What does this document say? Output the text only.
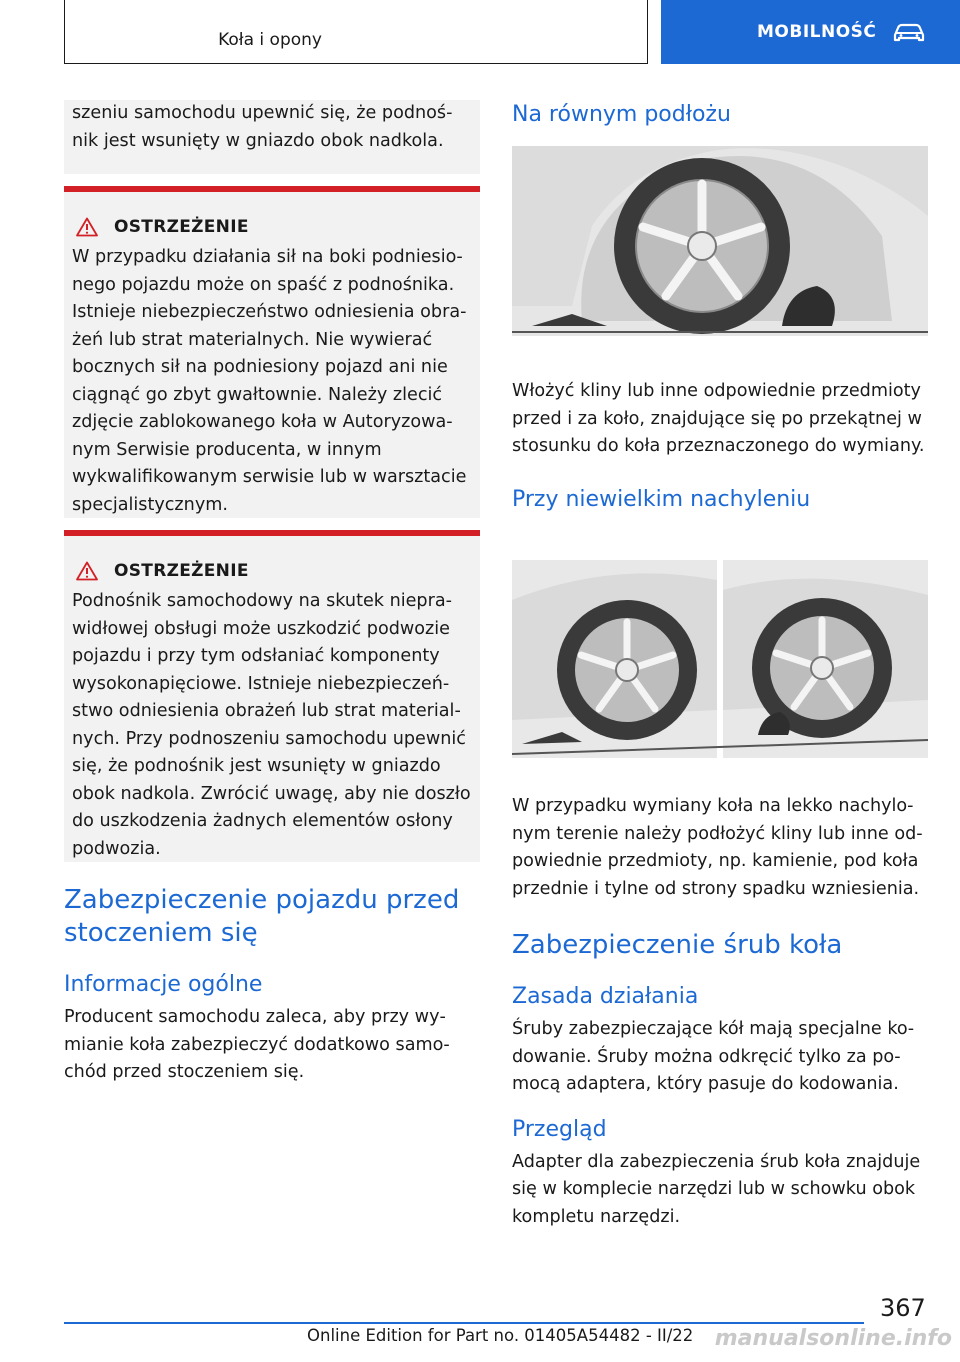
Koła i opony	MOBILNOŚĆ

szeniu samochodu upewnić się, że podnośnik jest wsunięty w gniazdo obok nadkola.

OSTRZEŻENIE

W przypadku działania sił na boki podniesionego pojazdu może on spaść z podnośnika. Istnieje niebezpieczeństwo odniesienia obrażeń lub strat materialnych. Nie wywierać bocznych sił na podniesiony pojazd ani nie ciągnąć go zbyt gwałtownie. Należy zlecić zdjęcie zablokowanego koła w Autoryzowanym Serwisie producenta, w innym wykwalifikowanym serwisie lub w warsztacie specjalistycznym.

OSTRZEŻENIE

Podnośnik samochodowy na skutek nieprawidłowej obsługi może uszkodzić podwozie pojazdu i przy tym odsłaniać komponenty wysokonapięciowe. Istnieje niebezpieczeństwo odniesienia obrażeń lub strat materialnych. Przy podnoszeniu samochodu upewnić się, że podnośnik jest wsunięty w gniazdo obok nadkola. Zwrócić uwagę, aby nie doszło do uszkodzenia żadnych elementów osłony podwozia.

Zabezpieczenie pojazdu przed stoczeniem się
Informacje ogólne

Producent samochodu zaleca, aby przy wymianie koła zabezpieczyć dodatkowo samochód przed stoczeniem się.

Na równym podłożu

Włożyć kliny lub inne odpowiednie przedmioty przed i za koło, znajdujące się po przekątnej w stosunku do koła przeznaczonego do wymiany.

Przy niewielkim nachyleniu

W przypadku wymiany koła na lekko nachylonym terenie należy podłożyć kliny lub inne odpowiednie przedmioty, np. kamienie, pod koła przednie i tylne od strony spadku wzniesienia.

Zabezpieczenie śrub koła
Zasada działania

Śruby zabezpieczające kół mają specjalne kodowanie. Śruby można odkręcić tylko za pomocą adaptera, który pasuje do kodowania.

Przegląd

Adapter dla zabezpieczenia śrub koła znajduje się w komplecie narzędzi lub w schowku obok kompletu narzędzi.

367
Online Edition for Part no. 01405A54482 - II/22 manualsonline.info
